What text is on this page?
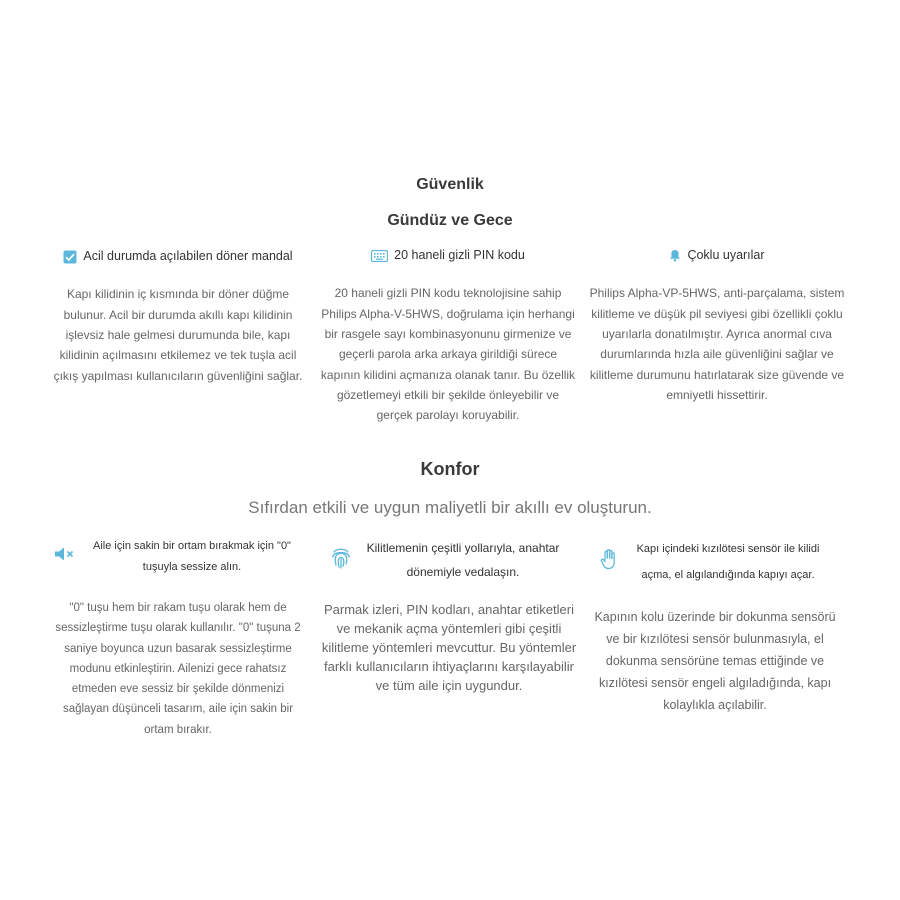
Güvenlik
Gündüz ve Gece
Acil durumda açılabilen döner mandal

Kapı kilidinin iç kısmında bir döner düğme bulunur. Acil bir durumda akıllı kapı kilidinin işlevsiz hale gelmesi durumunda bile, kapı kilidinin açılmasını etkilemez ve tek tuşla acil çıkış yapılması kullanıcıların güvenliğini sağlar.

20 haneli gizli PIN kodu

20 haneli gizli PIN kodu teknolojisine sahip Philips Alpha-V-5HWS, doğrulama için herhangi bir rasgele sayı kombinasyonunu girmenize ve geçerli parola arka arkaya girildiği sürece kapının kilidini açmanıza olanak tanır. Bu özellik gözetlemeyi etkili bir şekilde önleyebilir ve gerçek parolayı koruyabilir.

Çoklu uyarılar

Philips Alpha-VP-5HWS, anti-parçalama, sistem kilitleme ve düşük pil seviyesi gibi özellikli çoklu uyarılarla donatılmıştır. Ayrıca anormal cıva durumlarında hızla aile güvenliğini sağlar ve kilitleme durumunu hatırlatarak size güvende ve emniyetli hissettirir.

Konfor
Sıfırdan etkili ve uygun maliyetli bir akıllı ev oluşturun.
Aile için sakin bir ortam bırakmak için "0" tuşuyla sessize alın.

"0" tuşu hem bir rakam tuşu olarak hem de sessizleştirme tuşu olarak kullanılır. "0" tuşuna 2 saniye boyunca uzun basarak sessizleştirme modunu etkinleştirin. Ailenizi gece rahatsız etmeden eve sessiz bir şekilde dönmenizi sağlayan düşünceli tasarım, aile için sakin bir ortam bırakır.

Kilitlemenin çeşitli yollarıyla, anahtar dönemiyle vedalaşın.

Parmak izleri, PIN kodları, anahtar etiketleri ve mekanik açma yöntemleri gibi çeşitli kilitleme yöntemleri mevcuttur. Bu yöntemler farklı kullanıcıların ihtiyaçlarını karşılayabilir ve tüm aile için uygundur.

Kapı içindeki kızılötesi sensör ile kilidi açma, el algılandığında kapıyı açar.

Kapının kolu üzerinde bir dokunma sensörü ve bir kızılötesi sensör bulunmasıyla, el dokunma sensörüne temas ettiğinde ve kızılötesi sensör engeli algıladığında, kapı kolaylıkla açılabilir.
